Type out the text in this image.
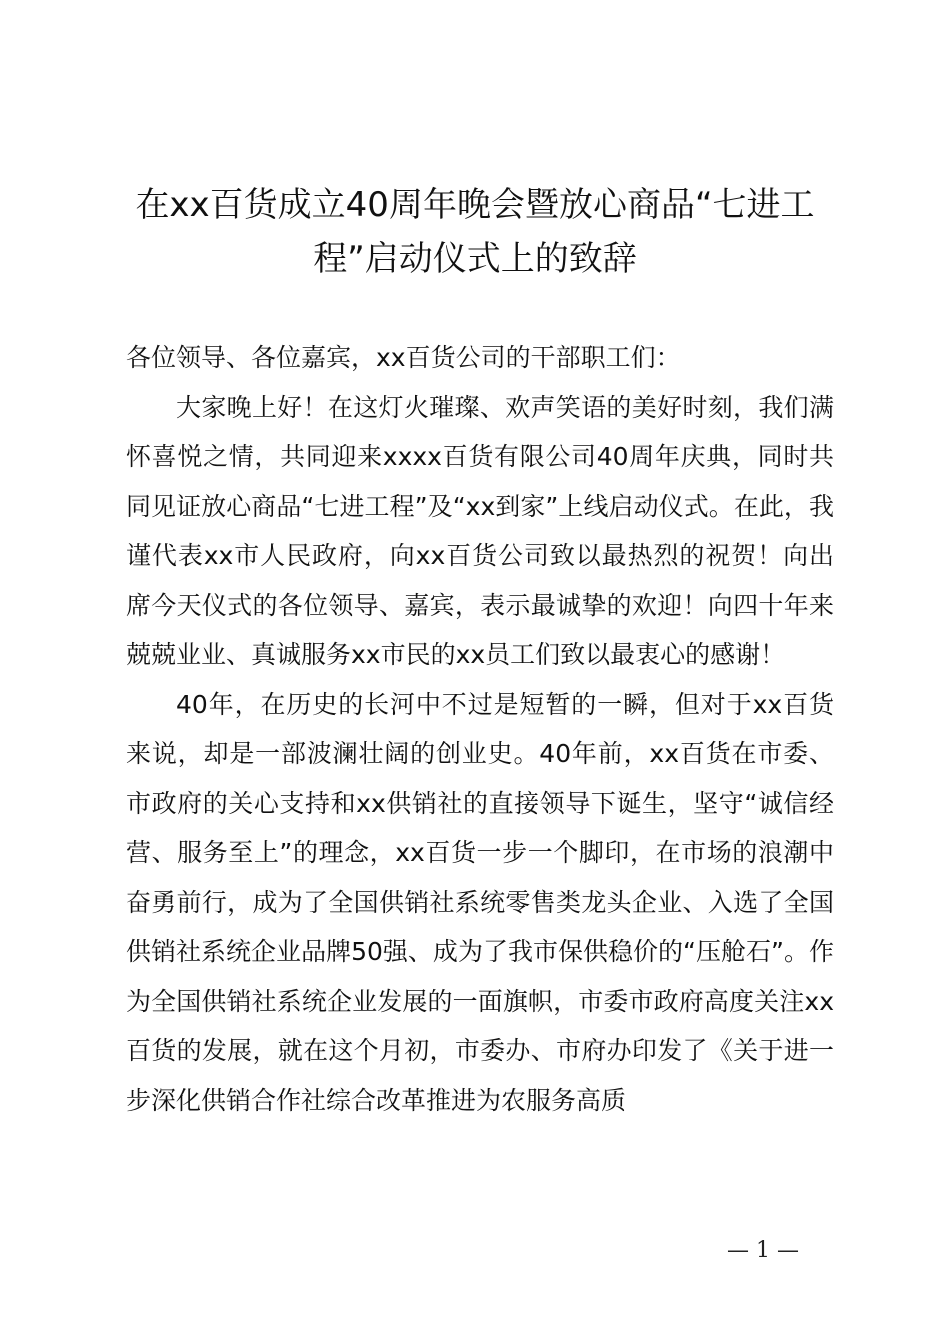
在xx百货成立40周年晚会暨放心商品“七进工程”启动仪式上的致辞

各位领导、各位嘉宾，xx百货公司的干部职工们：

大家晚上好！在这灯火璀璨、欢声笑语的美好时刻，我们满怀喜悦之情，共同迎来xxxx百货有限公司40周年庆典，同时共同见证放心商品“七进工程”及“xx到家”上线启动仪式。在此，我谨代表xx市人民政府，向xx百货公司致以最热烈的祝贺！向出席今天仪式的各位领导、嘉宾，表示最诚挚的欢迎！向四十年来兢兢业业、真诚服务xx市民的xx员工们致以最衷心的感谢！

40年，在历史的长河中不过是短暂的一瞬，但对于xx百货来说，却是一部波澜壮阔的创业史。40年前，xx百货在市委、市政府的关心支持和xx供销社的直接领导下诞生，坚守“诚信经营、服务至上”的理念，xx百货一步一个脚印，在市场的浪潮中奋勇前行，成为了全国供销社系统零售类龙头企业、入选了全国供销社系统企业品牌50强、成为了我市保供稳价的“压舱石”。作为全国供销社系统企业发展的一面旗帜，市委市政府高度关注xx百货的发展，就在这个月初，市委办、市府办印发了《关于进一步深化供销合作社综合改革推进为农服务高质

— 1 —
